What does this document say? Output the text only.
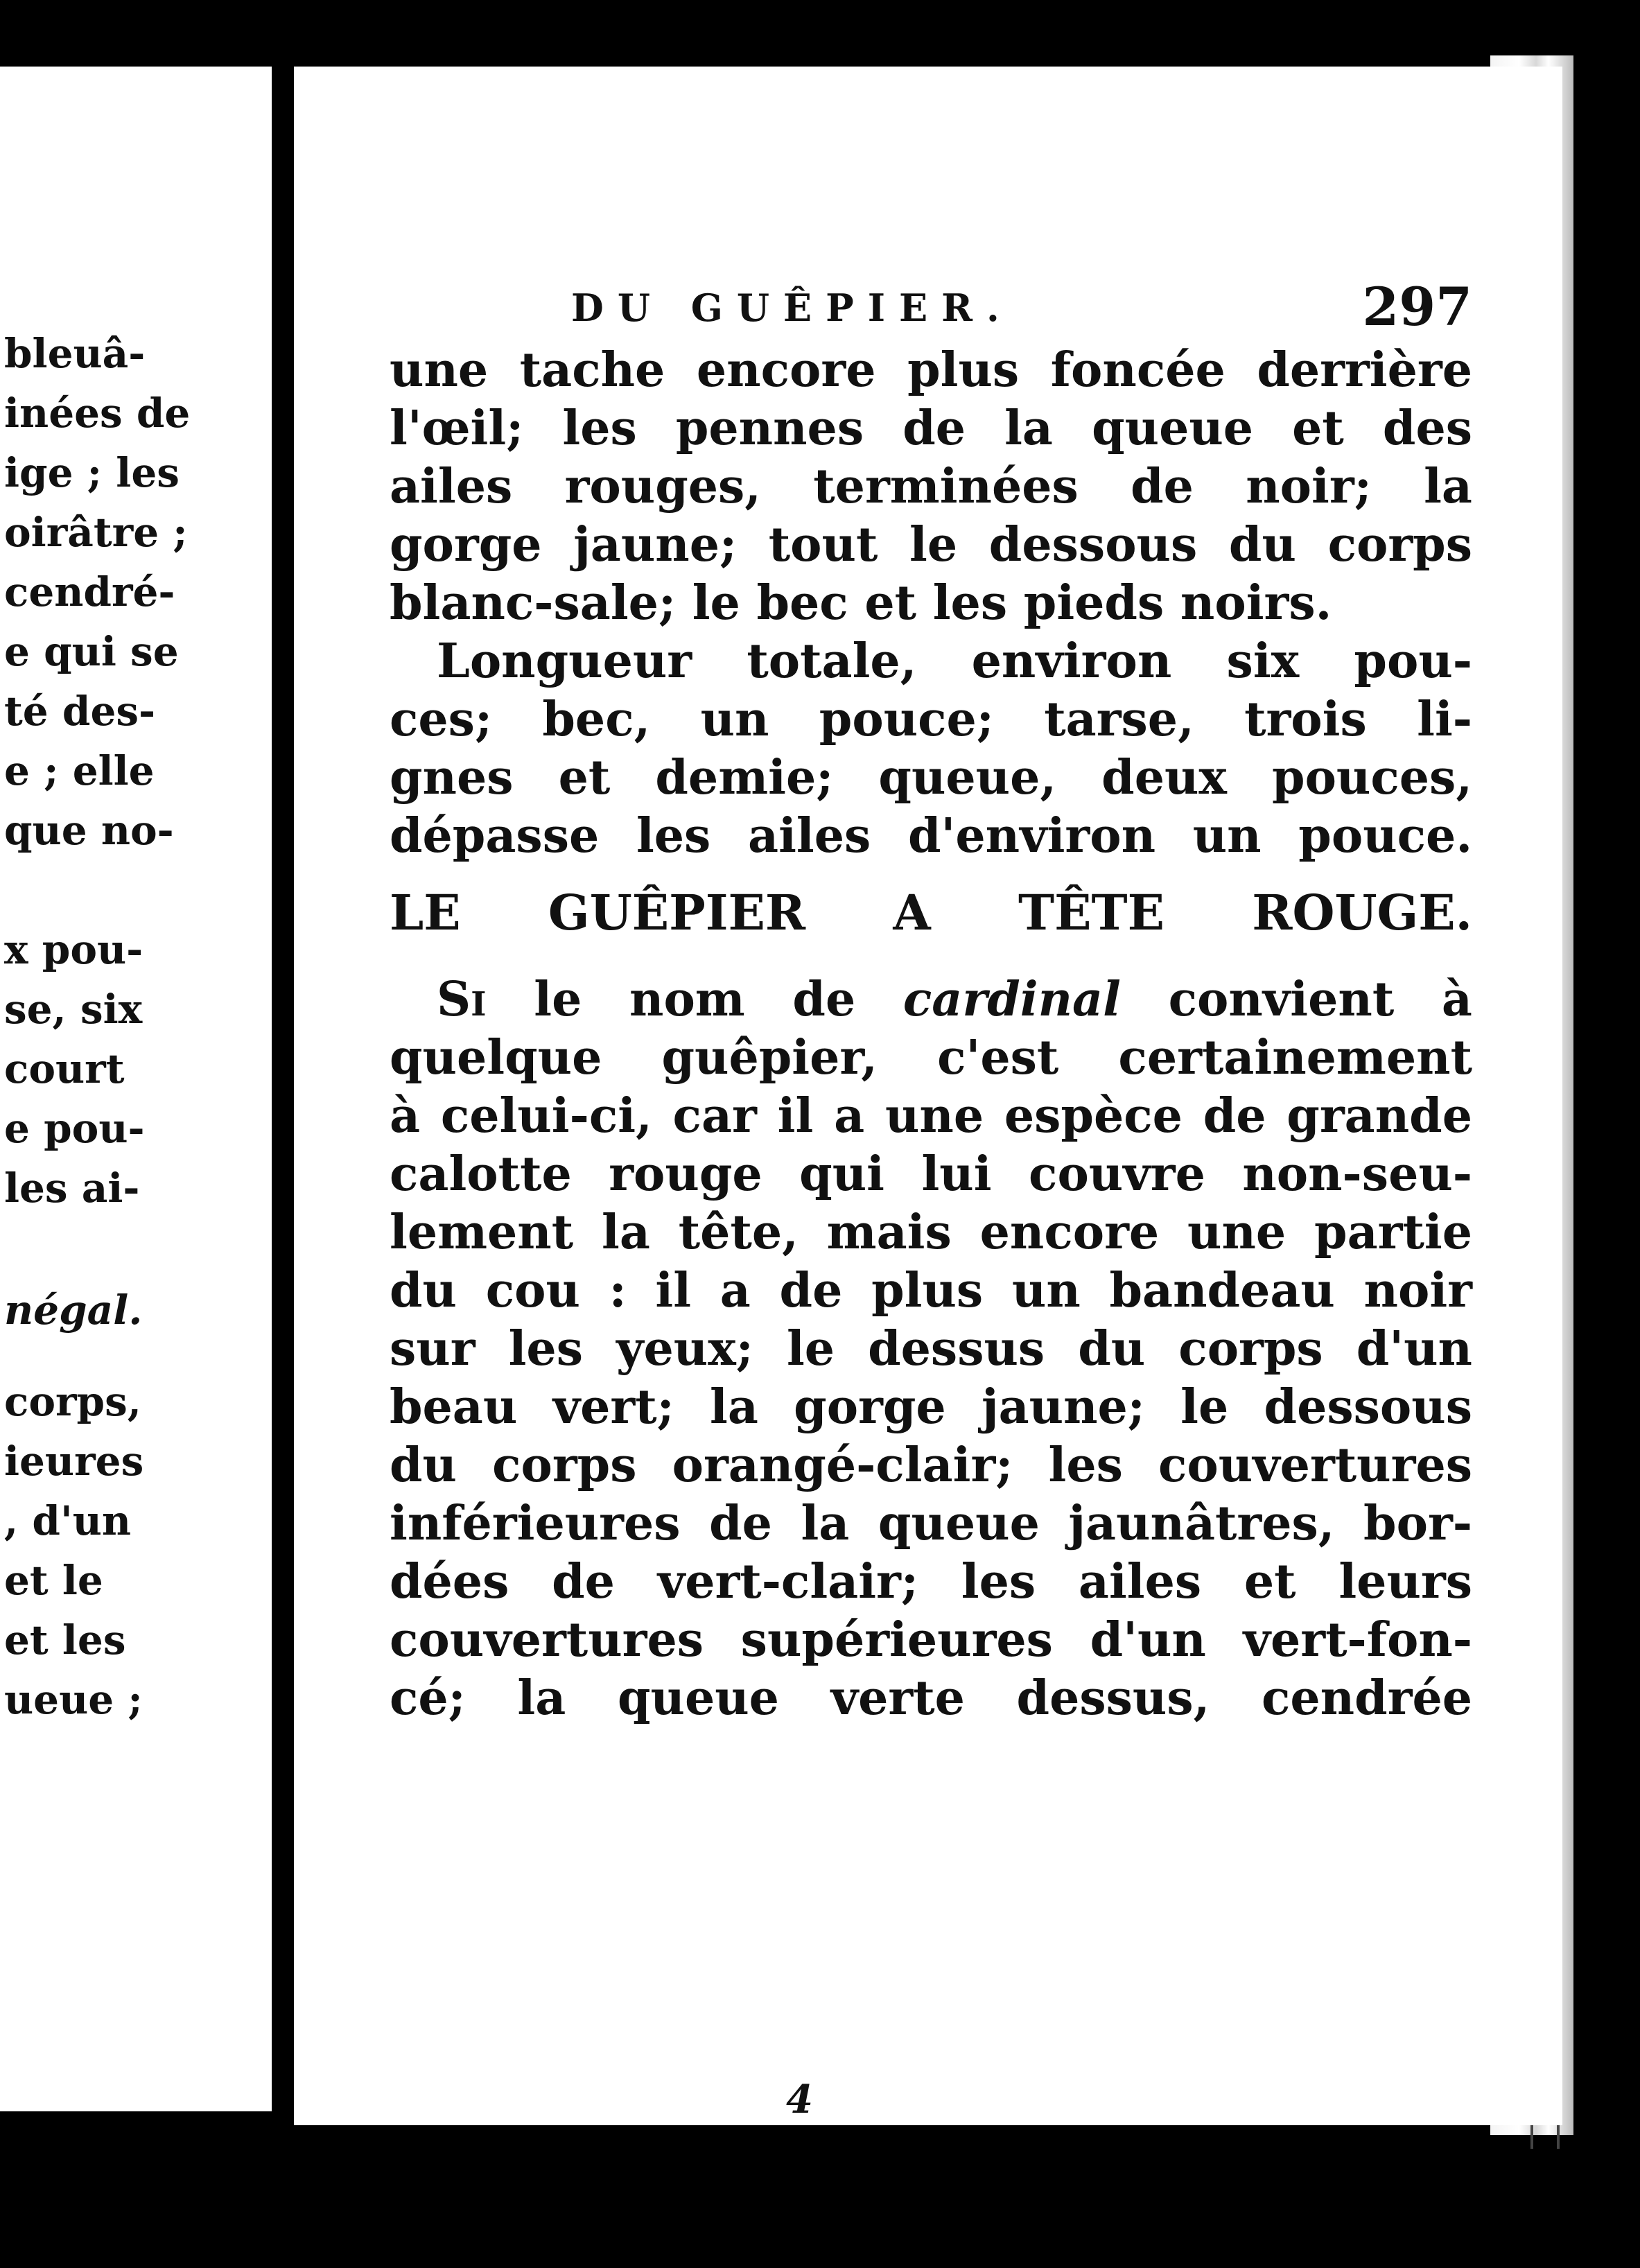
bleuâ-
inées de
ige ; les
oirâtre ;
cendré-
e qui se
té des-
e ; elle
que no-
x pou-
se, six
court
e pou-
les ai-
négal.
corps,
ieures
, d'un
et le
et les
ueue ;
DU GUÊPIER.	297
une tache encore plus foncée derrière
l'œil; les pennes de la queue et des
ailes rouges, terminées de noir; la
gorge jaune; tout le dessous du corps
blanc-sale; le bec et les pieds noirs.
Longueur totale, environ six pou-
ces; bec, un pouce; tarse, trois li-
gnes et demie; queue, deux pouces,
dépasse les ailes d'environ un pouce.
LE GUÊPIER A TÊTE ROUGE.
Si le nom de cardinal convient à
quelque guêpier, c'est certainement
à celui-ci, car il a une espèce de grande
calotte rouge qui lui couvre non-seu-
lement la tête, mais encore une partie
du cou : il a de plus un bandeau noir
sur les yeux; le dessus du corps d'un
beau vert; la gorge jaune; le dessous
du corps orangé-clair; les couvertures
inférieures de la queue jaunâtres, bor-
dées de vert-clair; les ailes et leurs
couvertures supérieures d'un vert-fon-
cé; la queue verte dessus, cendrée
4
